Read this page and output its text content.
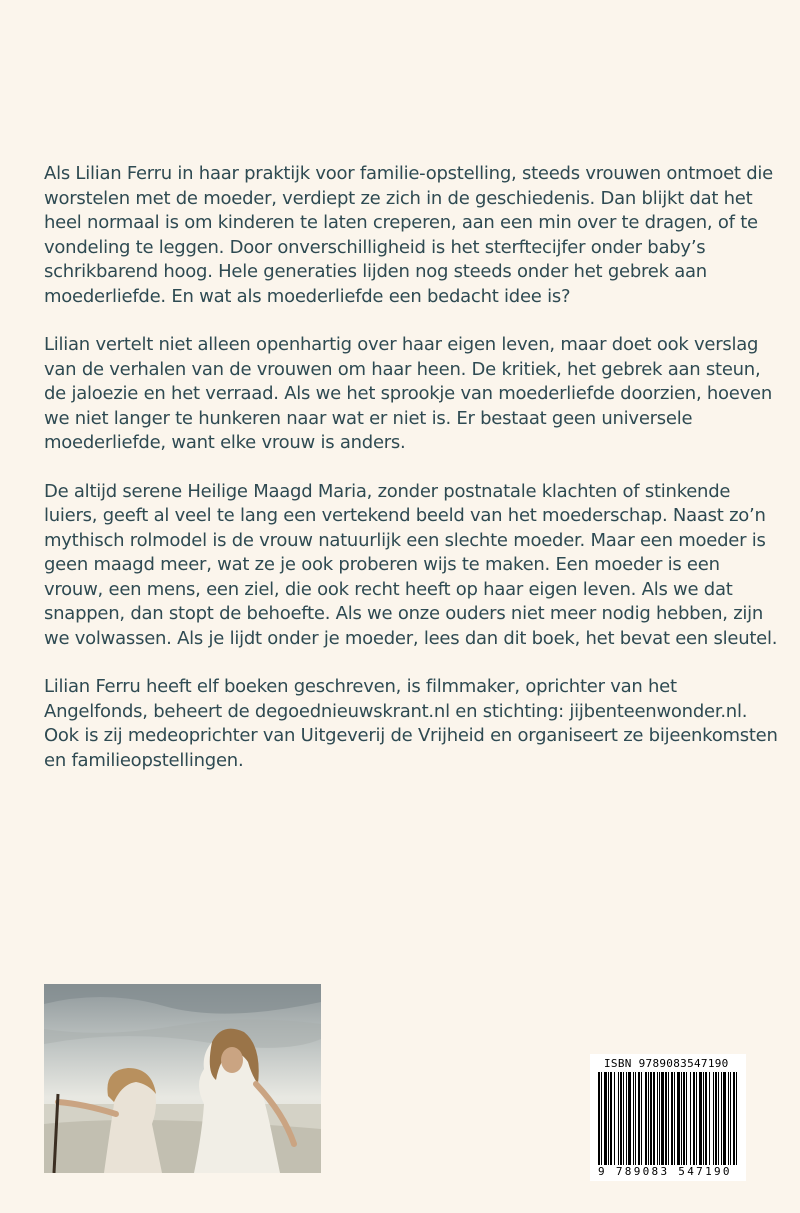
Als Lilian Ferru in haar praktijk voor familie-opstelling, steeds vrouwen ontmoet die worstelen met de moeder, verdiept ze zich in de geschiedenis. Dan blijkt dat het heel normaal is om kinderen te laten creperen, aan een min over te dragen, of te vondeling te leggen. Door onverschilligheid is het sterftecijfer onder baby’s schrikbarend hoog. Hele generaties lijden nog steeds onder het gebrek aan moederliefde. En wat als moederliefde een bedacht idee is?

Lilian vertelt niet alleen openhartig over haar eigen leven, maar doet ook verslag van de verhalen van de vrouwen om haar heen. De kritiek, het gebrek aan steun, de jaloezie en het verraad. Als we het sprookje van moederliefde doorzien, hoeven we niet langer te hunkeren naar wat er niet is. Er bestaat geen universele moederliefde, want elke vrouw is anders.

De altijd serene Heilige Maagd Maria, zonder postnatale klachten of stinkende luiers, geeft al veel te lang een vertekend beeld van het moederschap. Naast zo’n mythisch rolmodel is de vrouw natuurlijk een slechte moeder. Maar een moeder is geen maagd meer, wat ze je ook proberen wijs te maken. Een moeder is een vrouw, een mens, een ziel, die ook recht heeft op haar eigen leven. Als we dat snappen, dan stopt de behoefte. Als we onze ouders niet meer nodig hebben, zijn we volwassen. Als je lijdt onder je moeder, lees dan dit boek, het bevat een sleutel.

Lilian Ferru heeft elf boeken geschreven, is filmmaker, oprichter van het Angelfonds, beheert de degoednieuwskrant.nl en stichting: jijbenteenwonder.nl. Ook is zij medeoprichter van Uitgeverij de Vrijheid en organiseert ze bijeenkomsten en familieopstellingen.

ISBN 9789083547190
9 789083 547190
